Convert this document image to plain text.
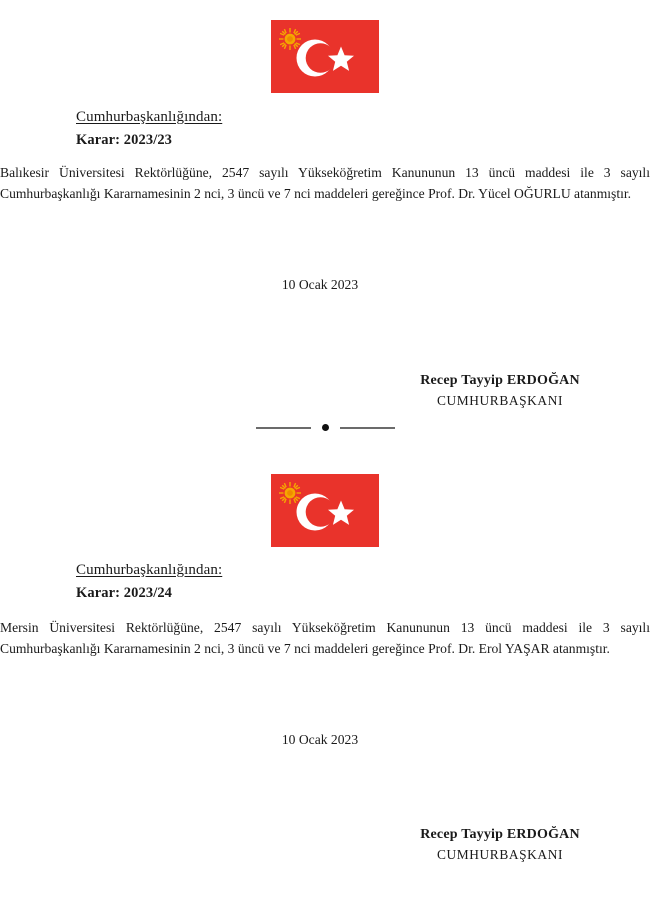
Cumhurbaşkanlığından:
Karar: 2023/23

Balıkesir Üniversitesi Rektörlüğüne, 2547 sayılı Yükseköğretim Kanununun 13 üncü maddesi ile 3 sayılı Cumhurbaşkanlığı Kararnamesinin 2 nci, 3 üncü ve 7 nci maddeleri gereğince Prof. Dr. Yücel OĞURLU atanmıştır.

10 Ocak 2023
Recep Tayyip ERDOĞAN
CUMHURBAŞKANI
Cumhurbaşkanlığından:
Karar: 2023/24

Mersin Üniversitesi Rektörlüğüne, 2547 sayılı Yükseköğretim Kanununun 13 üncü maddesi ile 3 sayılı Cumhurbaşkanlığı Kararnamesinin 2 nci, 3 üncü ve 7 nci maddeleri gereğince Prof. Dr. Erol YAŞAR atanmıştır.

10 Ocak 2023
Recep Tayyip ERDOĞAN
CUMHURBAŞKANI
